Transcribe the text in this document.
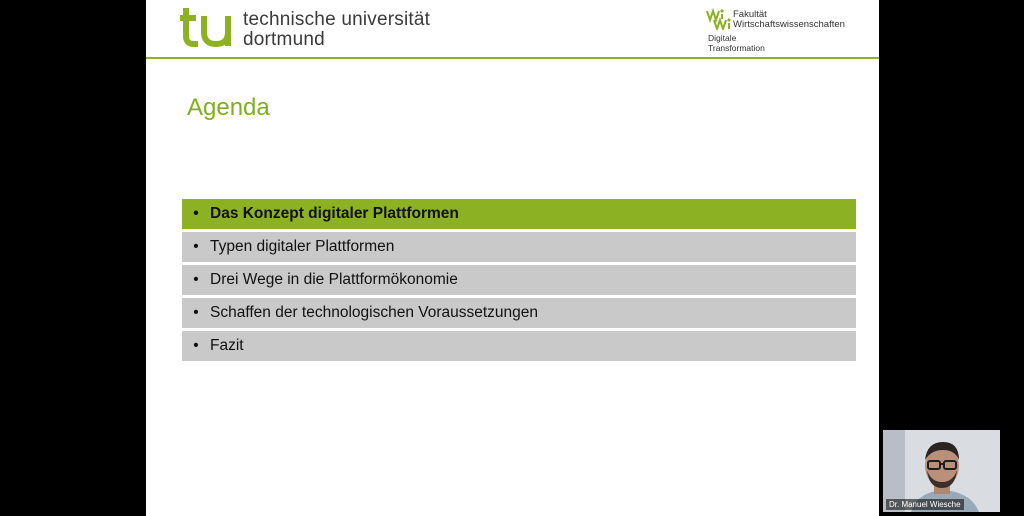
technische universität
dortmund
Fakultät
Wirtschaftswissenschaften
Digitale
Transformation
Agenda
• Das Konzept digitaler Plattformen
• Typen digitaler Plattformen
• Drei Wege in die Plattformökonomie
• Schaffen der technologischen Voraussetzungen
• Fazit
Dr. Manuel Wiesche
